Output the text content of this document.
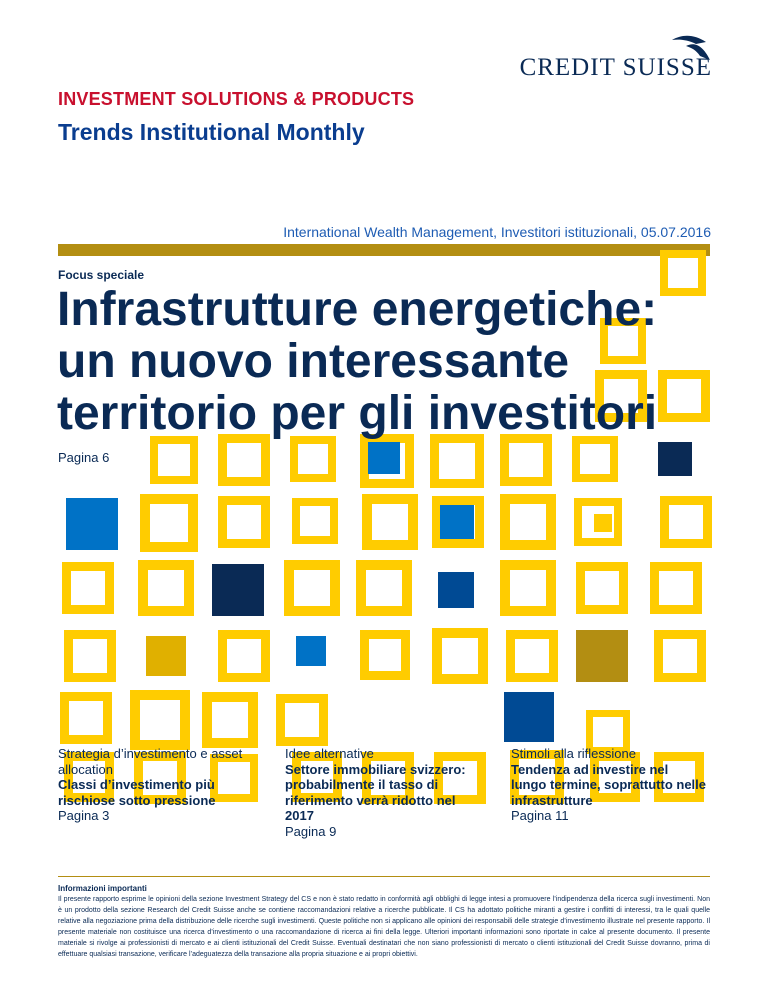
CREDIT SUISSE
INVESTMENT SOLUTIONS & PRODUCTS
Trends Institutional Monthly
International Wealth Management, Investitori istituzionali, 05.07.2016
Focus speciale
Infrastrutture energetiche:
un nuovo interessante
territorio per gli investitori
Pagina 6
Strategia d’investimento e asset allocation
Classi d’investimento più rischiose sotto pressione
Pagina 3
Idee alternative
Settore immobiliare svizzero: probabilmente il tasso di riferimento verrà ridotto nel 2017
Pagina 9
Stimoli alla riflessione
Tendenza ad investire nel lungo termine, soprattutto nelle infrastrutture
Pagina 11
Informazioni importanti
Il presente rapporto esprime le opinioni della sezione Investment Strategy del CS e non è stato redatto in conformità agli obblighi di legge intesi a promuovere l’indipendenza della ricerca sugli investimenti. Non è un prodotto della sezione Research del Credit Suisse anche se contiene raccomandazioni relative a ricerche pubblicate. Il CS ha adottato politiche miranti a gestire i conflitti di interessi, tra le quali quelle relative alla negoziazione prima della distribuzione delle ricerche sugli investimenti. Queste politiche non si applicano alle opinioni dei responsabili delle strategie d’investimento illustrate nel presente rapporto. Il presente materiale non costituisce una ricerca d’investimento o una raccomandazione di ricerca ai fini della legge. Ulteriori importanti informazioni sono riportate in calce al presente documento. Il presente materiale si rivolge ai professionisti di mercato e ai clienti istituzionali del Credit Suisse. Eventuali destinatari che non siano professionisti di mercato o clienti istituzionali del Credit Suisse dovranno, prima di effettuare qualsiasi transazione, verificare l’adeguatezza della transazione alla propria situazione e ai propri obiettivi.
